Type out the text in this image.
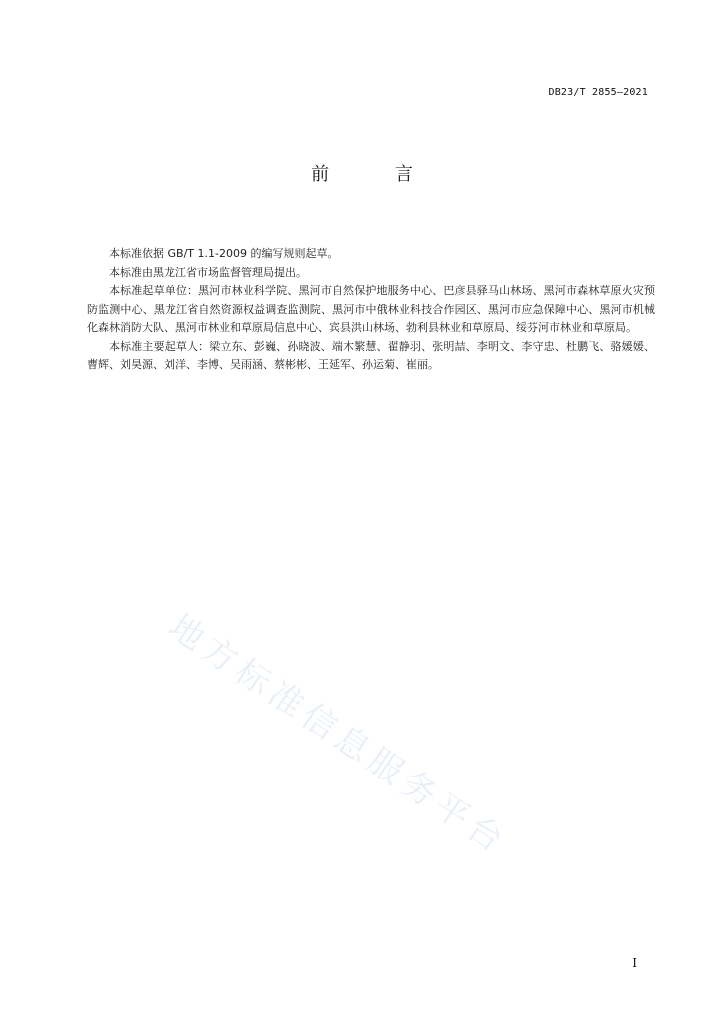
DB23/T 2855—2021
前 言

本标准依据 GB/T 1.1-2009 的编写规则起草。

本标准由黑龙江省市场监督管理局提出。

本标准起草单位：黑河市林业科学院、黑河市自然保护地服务中心、巴彦县驿马山林场、黑河市森林草原火灾预防监测中心、黑龙江省自然资源权益调查监测院、黑河市中俄林业科技合作园区、黑河市应急保障中心、黑河市机械化森林消防大队、黑河市林业和草原局信息中心、宾县洪山林场、勃利县林业和草原局、绥芬河市林业和草原局。

本标准主要起草人：梁立东、彭巍、孙晓波、端木繁慧、翟静羽、张明喆、李明文、李守忠、杜鹏飞、骆媛媛、曹辉、刘昊源、刘洋、李博、吴雨涵、蔡彬彬、王延军、孙运菊、崔丽。

地方标准信息服务平台
I
